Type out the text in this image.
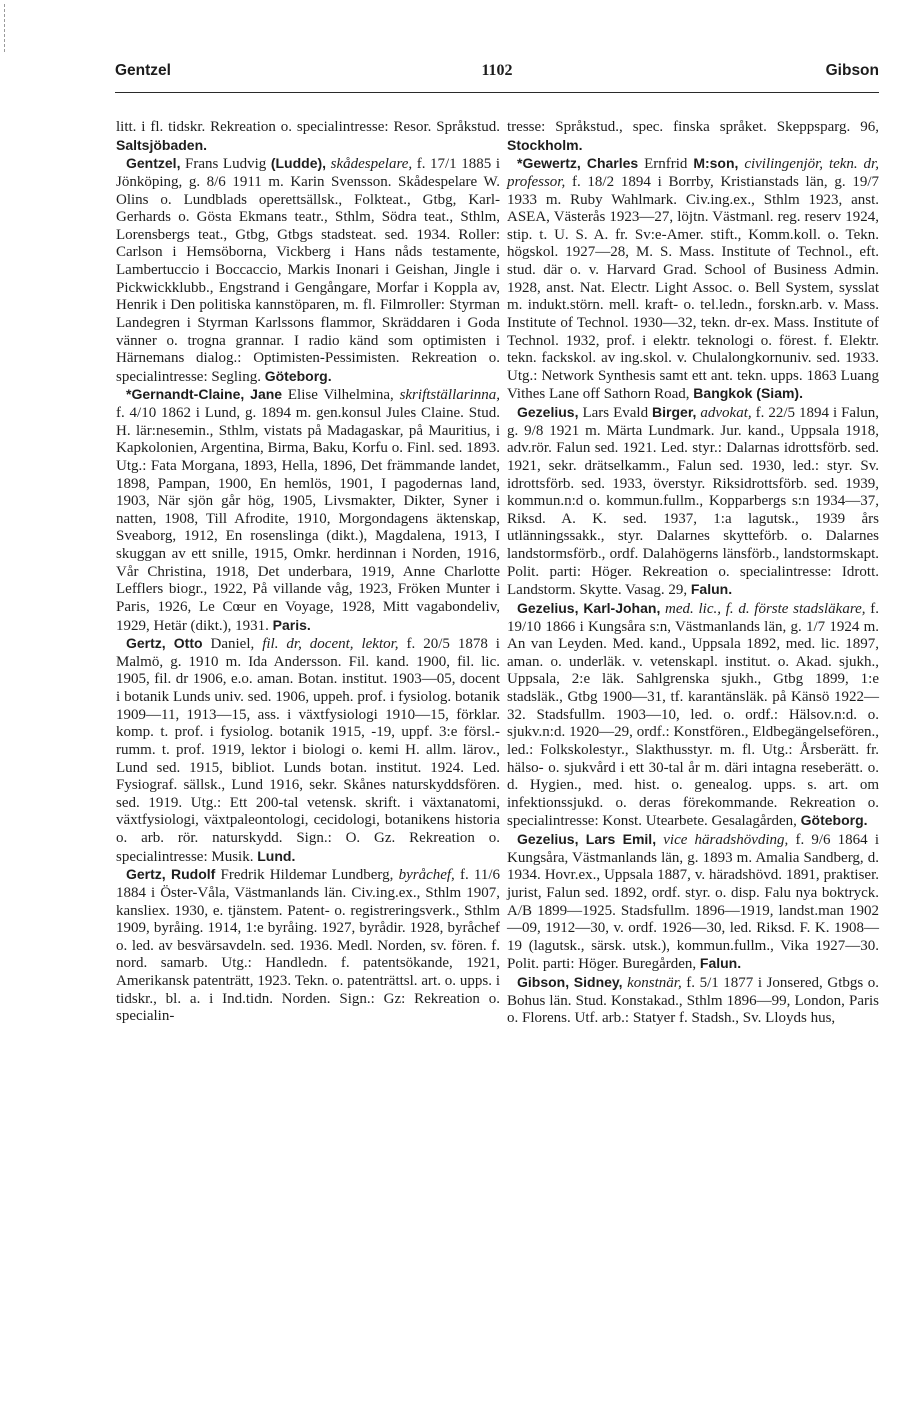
Gentzel	1102	Gibson

litt. i fl. tidskr. Rekreation o. specialintresse: Resor. Språkstud. Saltsjöbaden.

Gentzel, Frans Ludvig (Ludde), skådespelare, f. 17/1 1885 i Jönköping, g. 8/6 1911 m. Karin Svensson. Skådespelare W. Olins o. Lundblads operettsällsk., Folkteat., Gtbg, Karl-Gerhards o. Gösta Ekmans teatr., Sthlm, Södra teat., Sthlm, Lorensbergs teat., Gtbg, Gtbgs stadsteat. sed. 1934. Roller: Carlson i Hemsöborna, Vickberg i Hans nåds testamente, Lambertuccio i Boccaccio, Markis Inonari i Geishan, Jingle i Pickwickklubb., Engstrand i Gengångare, Morfar i Koppla av, Henrik i Den politiska kannstöparen, m. fl. Filmroller: Styrman Landegren i Styrman Karlssons flammor, Skräddaren i Goda vänner o. trogna grannar. I radio känd som optimisten i Härnemans dialog.: Optimisten-Pessimisten. Rekreation o. specialintresse: Segling. Göteborg.

*Gernandt-Claine, Jane Elise Vilhelmina, skriftställarinna, f. 4/10 1862 i Lund, g. 1894 m. gen.konsul Jules Claine. Stud. H. lär:nesemin., Sthlm, vistats på Madagaskar, på Mauritius, i Kapkolonien, Argentina, Birma, Baku, Korfu o. Finl. sed. 1893. Utg.: Fata Morgana, 1893, Hella, 1896, Det främmande landet, 1898, Pampan, 1900, En hemlös, 1901, I pagodernas land, 1903, När sjön går hög, 1905, Livsmakter, Dikter, Syner i natten, 1908, Till Afrodite, 1910, Morgondagens äktenskap, Sveaborg, 1912, En rosenslinga (dikt.), Magdalena, 1913, I skuggan av ett snille, 1915, Omkr. herdinnan i Norden, 1916, Vår Christina, 1918, Det underbara, 1919, Anne Charlotte Lefflers biogr., 1922, På villande våg, 1923, Fröken Munter i Paris, 1926, Le Cœur en Voyage, 1928, Mitt vagabondeliv, 1929, Hetär (dikt.), 1931. Paris.

Gertz, Otto Daniel, fil. dr, docent, lektor, f. 20/5 1878 i Malmö, g. 1910 m. Ida Andersson. Fil. kand. 1900, fil. lic. 1905, fil. dr 1906, e.o. aman. Botan. institut. 1903—05, docent i botanik Lunds univ. sed. 1906, uppeh. prof. i fysiolog. botanik 1909—11, 1913—15, ass. i växtfysiologi 1910—15, förklar. komp. t. prof. i fysiolog. botanik 1915, -19, uppf. 3:e försl.-rumm. t. prof. 1919, lektor i biologi o. kemi H. allm. lärov., Lund sed. 1915, bibliot. Lunds botan. institut. 1924. Led. Fysiograf. sällsk., Lund 1916, sekr. Skånes naturskyddsfören. sed. 1919. Utg.: Ett 200-tal vetensk. skrift. i växtanatomi, växtfysiologi, växtpaleontologi, cecidologi, botanikens historia o. arb. rör. naturskydd. Sign.: O. Gz. Rekreation o. specialintresse: Musik. Lund.

Gertz, Rudolf Fredrik Hildemar Lundberg, byråchef, f. 11/6 1884 i Öster-Våla, Västmanlands län. Civ.ing.ex., Sthlm 1907, kansliex. 1930, e. tjänstem. Patent- o. registreringsverk., Sthlm 1909, byråing. 1914, 1:e byråing. 1927, byrådir. 1928, byråchef o. led. av besvärsavdeln. sed. 1936. Medl. Norden, sv. fören. f. nord. samarb. Utg.: Handledn. f. patentsökande, 1921, Amerikansk patenträtt, 1923. Tekn. o. patenträttsl. art. o. upps. i tidskr., bl. a. i Ind.tidn. Norden. Sign.: Gz: Rekreation o. specialin-

tresse: Språkstud., spec. finska språket. Skeppsparg. 96, Stockholm.

*Gewertz, Charles Ernfrid M:son, civilingenjör, tekn. dr, professor, f. 18/2 1894 i Borrby, Kristianstads län, g. 19/7 1933 m. Ruby Wahlmark. Civ.ing.ex., Sthlm 1923, anst. ASEA, Västerås 1923—27, löjtn. Västmanl. reg. reserv 1924, stip. t. U. S. A. fr. Sv:e-Amer. stift., Komm.koll. o. Tekn. högskol. 1927—28, M. S. Mass. Institute of Technol., eft. stud. där o. v. Harvard Grad. School of Business Admin. 1928, anst. Nat. Electr. Light Assoc. o. Bell System, sysslat m. indukt.störn. mell. kraft- o. tel.ledn., forskn.arb. v. Mass. Institute of Technol. 1930—32, tekn. dr-ex. Mass. Institute of Technol. 1932, prof. i elektr. teknologi o. förest. f. Elektr. tekn. fackskol. av ing.skol. v. Chulalongkornuniv. sed. 1933. Utg.: Network Synthesis samt ett ant. tekn. upps. 1863 Luang Vithes Lane off Sathorn Road, Bangkok (Siam).

Gezelius, Lars Evald Birger, advokat, f. 22/5 1894 i Falun, g. 9/8 1921 m. Märta Lundmark. Jur. kand., Uppsala 1918, adv.rör. Falun sed. 1921. Led. styr.: Dalarnas idrottsförb. sed. 1921, sekr. drätselkamm., Falun sed. 1930, led.: styr. Sv. idrottsförb. sed. 1933, överstyr. Riksidrottsförb. sed. 1939, kommun.n:d o. kommun.fullm., Kopparbergs s:n 1934—37, Riksd. A. K. sed. 1937, 1:a lagutsk., 1939 års utlänningssakk., styr. Dalarnes skytteförb. o. Dalarnes landstormsförb., ordf. Dalahögerns länsförb., landstormskapt. Polit. parti: Höger. Rekreation o. specialintresse: Idrott. Landstorm. Skytte. Vasag. 29, Falun.

Gezelius, Karl-Johan, med. lic., f. d. förste stadsläkare, f. 19/10 1866 i Kungsåra s:n, Västmanlands län, g. 1/7 1924 m. An van Leyden. Med. kand., Uppsala 1892, med. lic. 1897, aman. o. underläk. v. vetenskapl. institut. o. Akad. sjukh., Uppsala, 2:e läk. Sahlgrenska sjukh., Gtbg 1899, 1:e stadsläk., Gtbg 1900—31, tf. karantänsläk. på Känsö 1922—32. Stadsfullm. 1903—10, led. o. ordf.: Hälsov.n:d. o. sjukv.n:d. 1920—29, ordf.: Konstfören., Eldbegängelsefören., led.: Folkskolestyr., Slakthusstyr. m. fl. Utg.: Årsberätt. fr. hälso- o. sjukvård i ett 30-tal år m. däri intagna reseberätt. o. d. Hygien., med. hist. o. genealog. upps. s. art. om infektionssjukd. o. deras förekommande. Rekreation o. specialintresse: Konst. Utearbete. Gesalagården, Göteborg.

Gezelius, Lars Emil, vice häradshövding, f. 9/6 1864 i Kungsåra, Västmanlands län, g. 1893 m. Amalia Sandberg, d. 1934. Hovr.ex., Uppsala 1887, v. häradshövd. 1891, praktiser. jurist, Falun sed. 1892, ordf. styr. o. disp. Falu nya boktryck. A/B 1899—1925. Stadsfullm. 1896—1919, landst.man 1902—09, 1912—30, v. ordf. 1926—30, led. Riksd. F. K. 1908—19 (lagutsk., särsk. utsk.), kommun.fullm., Vika 1927—30. Polit. parti: Höger. Buregården, Falun.

Gibson, Sidney, konstnär, f. 5/1 1877 i Jonsered, Gtbgs o. Bohus län. Stud. Konstakad., Sthlm 1896—99, London, Paris o. Florens. Utf. arb.: Statyer f. Stadsh., Sv. Lloyds hus,
